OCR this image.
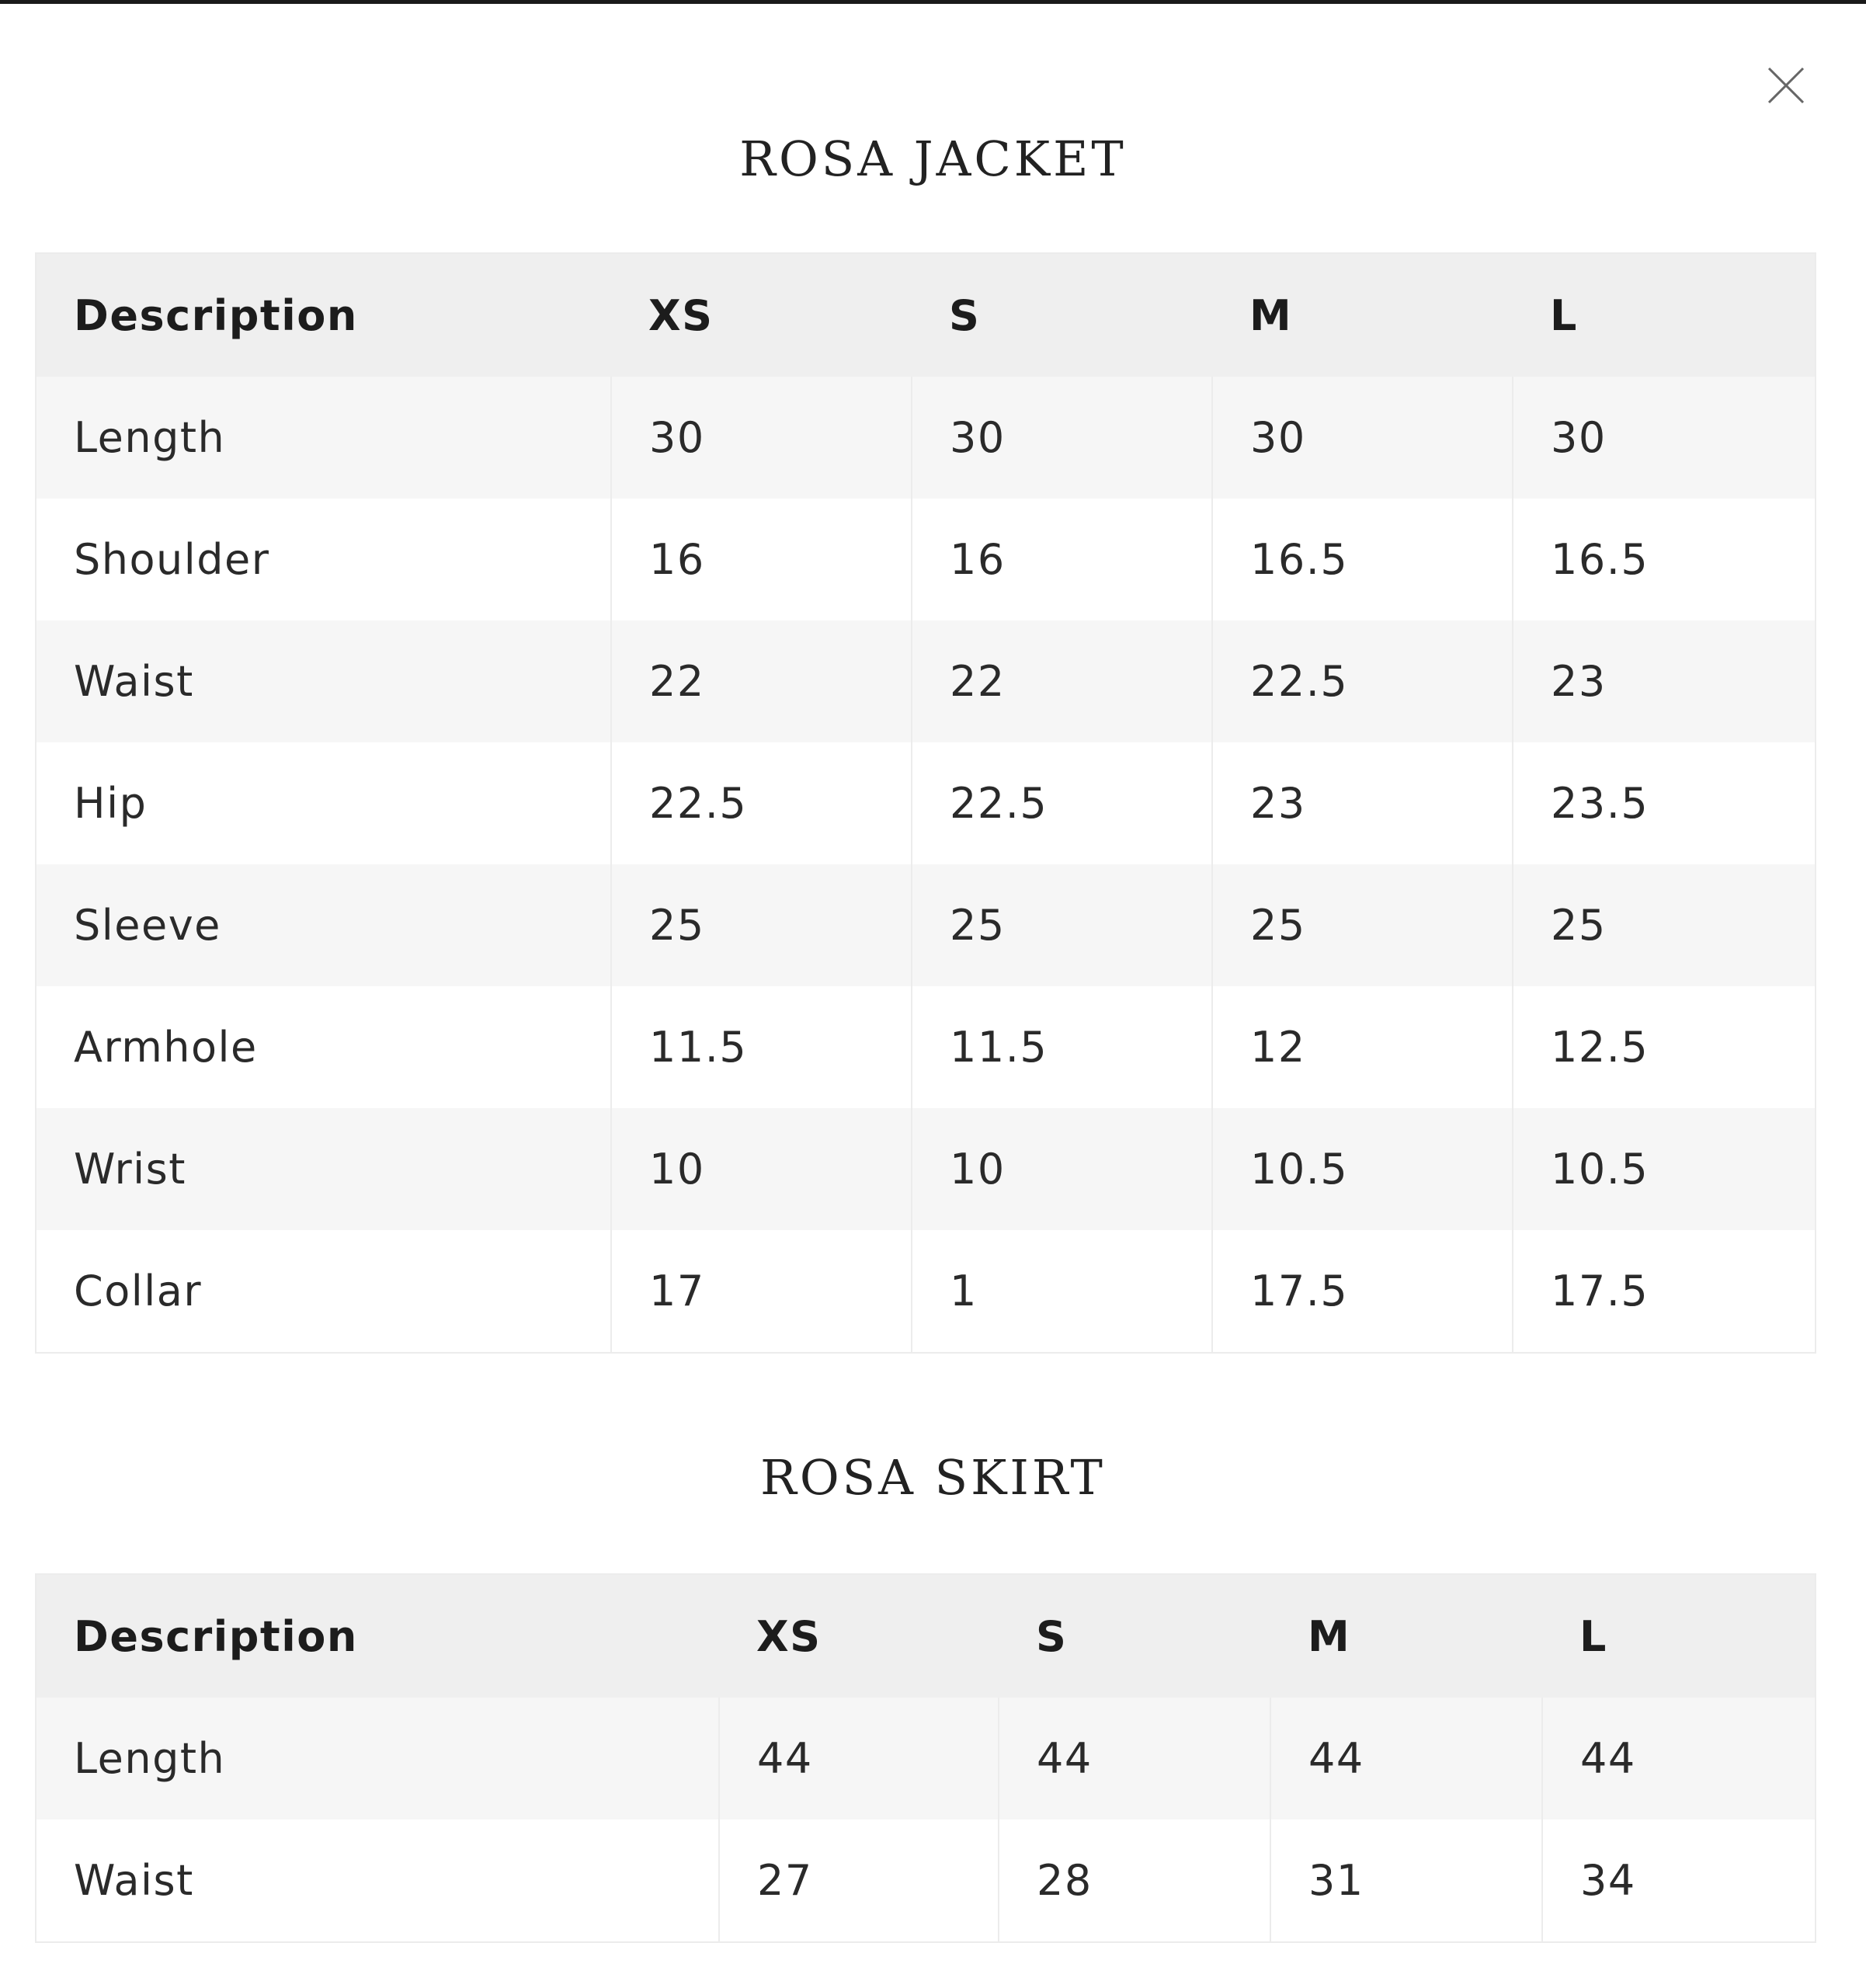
ROSA JACKET
Description	XS	S	M	L
Length	30	30	30	30
Shoulder	16	16	16.5	16.5
Waist	22	22	22.5	23
Hip	22.5	22.5	23	23.5
Sleeve	25	25	25	25
Armhole	11.5	11.5	12	12.5
Wrist	10	10	10.5	10.5
Collar	17	1	17.5	17.5
ROSA SKIRT
Description	XS	S	M	L
Length	44	44	44	44
Waist	27	28	31	34
